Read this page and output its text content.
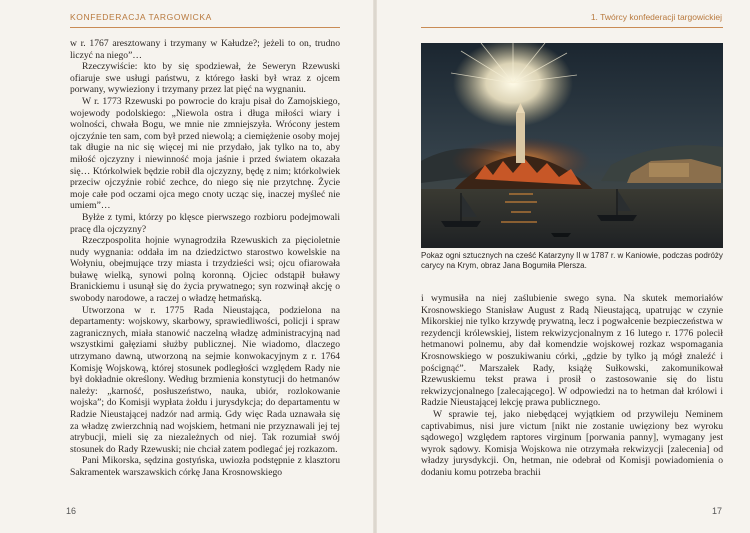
KONFEDERACJA TARGOWICKA

w r. 1767 aresztowany i trzymany w Kałudze?; jeżeli to on, trudno liczyć na niego”…

Rzeczywiście: kto by się spodziewał, że Seweryn Rzewuski ofiaruje swe usługi państwu, z którego łaski był wraz z ojcem porwany, wywieziony i trzymany przez lat pięć na wygnaniu.

W r. 1773 Rzewuski po powrocie do kraju pisał do Zamojskiego, wojewody podolskiego: „Niewola ostra i długa miłości wiary i wolności, chwała Bogu, we mnie nie zmniejszyła. Wrócony jestem ojczyźnie ten sam, com był przed niewolą; a ciemiężenie osoby mojej tak długie na nic się więcej mi nie przydało, jak tylko na to, aby miłość ojczyzny i niewinność moja jaśnie i przed światem okazała się… Którkolwiek będzie robił dla ojczyzny, będę z nim; którkolwiek przeciw ojczyźnie robić zechce, do niego się nie przytchnę. Życie moje całe pod oczami ojca mego cnoty ucząc się, inaczej myśleć nie umiem”…

Byłże z tymi, którzy po klęsce pierwszego rozbioru podejmowali pracę dla ojczyzny?

Rzeczpospolita hojnie wynagrodziła Rzewuskich za pięcioletnie nudy wygnania: oddała im na dziedzictwo starostwo kowelskie na Wołyniu, obejmujące trzy miasta i trzydzieści wsi; ojcu ofiarowała buławę wielką, synowi polną koronną. Ojciec odstąpił buławy Branickiemu i usunął się do życia prywatnego; syn rozwinął akcję o swobody narodowe, a raczej o władzę hetmańską.

Utworzona w r. 1775 Rada Nieustająca, podzielona na departamenty: wojskowy, skarbowy, sprawiedliwości, policji i spraw zagranicznych, miała stanowić naczelną władzę administracyjną nad wszystkimi gałęziami służby publicznej. Nie wiadomo, dlaczego utrzymano dawną, utworzoną na sejmie konwokacyjnym z r. 1764 Komisję Wojskową, której stosunek podległości względem Rady nie był dokładnie określony. Według brzmienia konstytucji do hetmanów należy: „karność, posłuszeństwo, nauka, ubiór, rozlokowanie wojska”; do Komisji wypłata żołdu i jurysdykcja; do departamentu w Radzie Nieustającej nadzór nad armią. Gdy więc Rada uznawała się za władzę zwierzchnią nad wojskiem, hetmani nie przyznawali jej tej atrybucji, mieli się za niezależnych od niej. Tak rozumiał swój stosunek do Rady Rzewuski; nie chciał zatem podlegać jej rozkazom.

Pani Mikorska, sędzina gostyńska, uwiozła podstępnie z klasztoru Sakramentek warszawskich córkę Jana Krosnowskiego

16
1. Twórcy konfederacji targowickiej
Pokaz ogni sztucznych na cześć Katarzyny II w 1787 r. w Kaniowie, podczas podróży carycy na Krym, obraz Jana Bogumiła Plersza.

i wymusiła na niej zaślubienie swego syna. Na skutek memoriałów Krosnowskiego Stanisław August z Radą Nieustającą, upatrując w czynie Mikorskiej nie tylko krzywdę prywatną, lecz i pogwałcenie bezpieczeństwa w rezydencji królewskiej, listem rekwizycjonalnym z 16 lutego r. 1776 polecił hetmanowi polnemu, aby dał komendzie wojskowej rozkaz wspomagania Krosnowskiego w poszukiwaniu córki, „gdzie by tylko ją mógł znaleźć i poścignąć”. Marszałek Rady, książę Sułkowski, zakomunikował Rzewuskiemu tekst prawa i prosił o zastosowanie się do listu rekwizycjonalnego [zalecającego]. W odpowiedzi na to hetman dał królowi i Radzie Nieustającej lekcję prawa publicznego.

W sprawie tej, jako niebędącej wyjątkiem od przywileju Neminem captivabimus, nisi jure victum [nikt nie zostanie uwięziony bez wyroku sądowego] względem raptores virginum [porwania panny], wymagany jest wyrok sądowy. Komisja Wojskowa nie otrzymała rekwizycji [zalecenia] od władzy jurysdykcji. On, hetman, nie odebrał od Komisji powiadomienia o dodaniu komu potrzeba brachii

17
